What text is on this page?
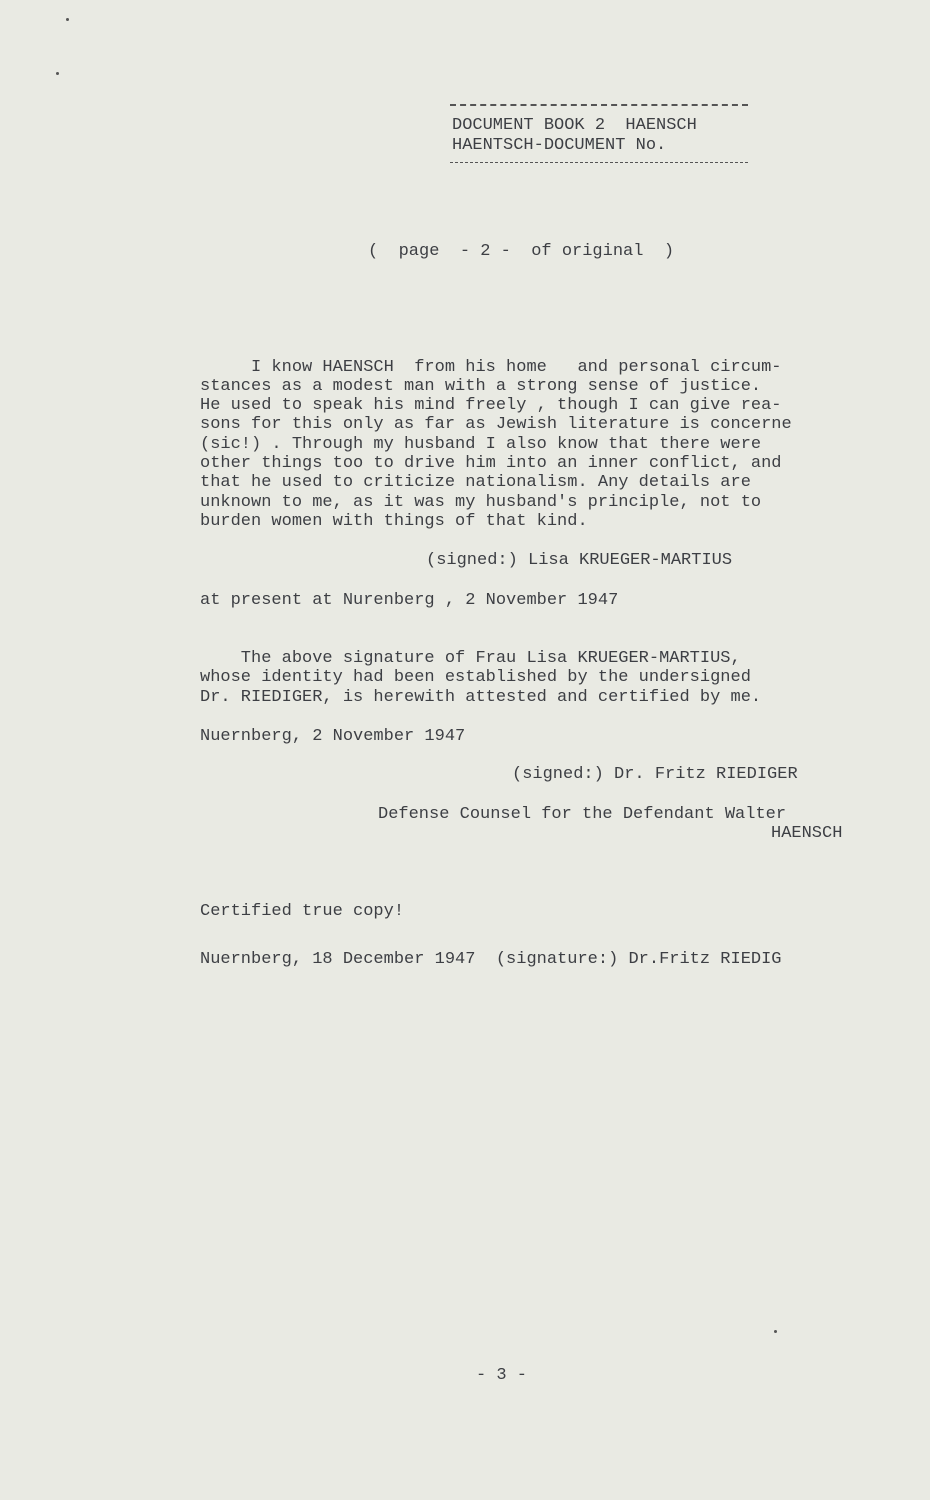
DOCUMENT BOOK 2  HAENSCH
HAENTSCH-DOCUMENT No.
(  page  - 2 -  of original  )
I know HAENSCH  from his home   and personal circum-
stances as a modest man with a strong sense of justice.
He used to speak his mind freely , though I can give rea-
sons for this only as far as Jewish literature is concerne
(sic!) . Through my husband I also know that there were
other things too to drive him into an inner conflict, and
that he used to criticize nationalism. Any details are
unknown to me, as it was my husband's principle, not to
burden women with things of that kind.
(signed:) Lisa KRUEGER-MARTIUS
at present at Nurenberg , 2 November 1947
The above signature of Frau Lisa KRUEGER-MARTIUS,
whose identity had been established by the undersigned
Dr. RIEDIGER, is herewith attested and certified by me.
Nuernberg, 2 November 1947
(signed:) Dr. Fritz RIEDIGER
Defense Counsel for the Defendant Walter
HAENSCH
Certified true copy!
Nuernberg, 18 December 1947  (signature:) Dr.Fritz RIEDIG
- 3 -
